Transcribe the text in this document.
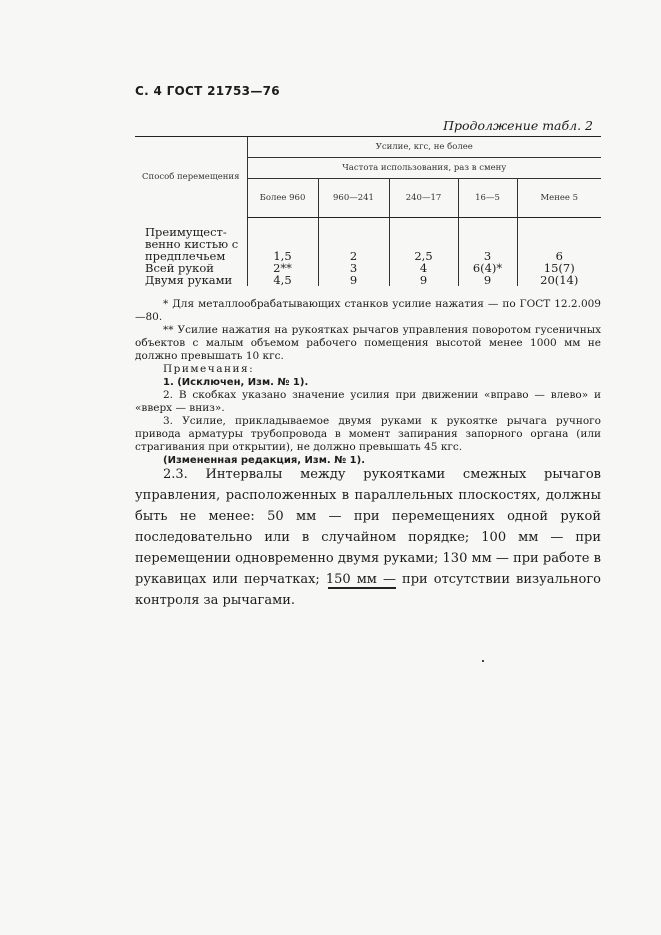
С. 4 ГОСТ 21753—76
Продолжение табл. 2
Способ перемещения	Усилие, кгс, не более				
	Частота использования, раз в смену				
	Более 960	960—241	240—17	16—5	Менее 5

Преимущест-					
венно кистью с					
предплечьем	1,5	2	2,5	3	6
Всей рукой	2**	3	4	6(4)*	15(7)
Двумя руками	4,5	9	9	9	20(14)

* Для металлообрабатывающих станков усилие нажатия — по ГОСТ 12.2.009—80.

** Усилие нажатия на рукоятках рычагов управления поворотом гусеничных объектов с малым объемом рабочего помещения высотой менее 1000 мм не должно превышать 10 кгс.

Примечания:

1. (Исключен, Изм. № 1).

2. В скобках указано значение усилия при движении «вправо — влево» и «вверх — вниз».

3. Усилие, прикладываемое двумя руками к рукоятке рычага ручного привода арматуры трубопровода в момент запирания запорного органа (или страгивания при открытии), не должно превышать 45 кгс.

(Измененная редакция, Изм. № 1).

2.3. Интервалы между рукоятками смежных рычагов управления, расположенных в параллельных плоскостях, должны быть не менее: 50 мм — при перемещениях одной рукой последовательно или в случайном порядке; 100 мм — при перемещении одновременно двумя руками; 130 мм — при работе в рукавицах или перчатках; 150 мм — при отсутствии визуального контроля за рычагами.
